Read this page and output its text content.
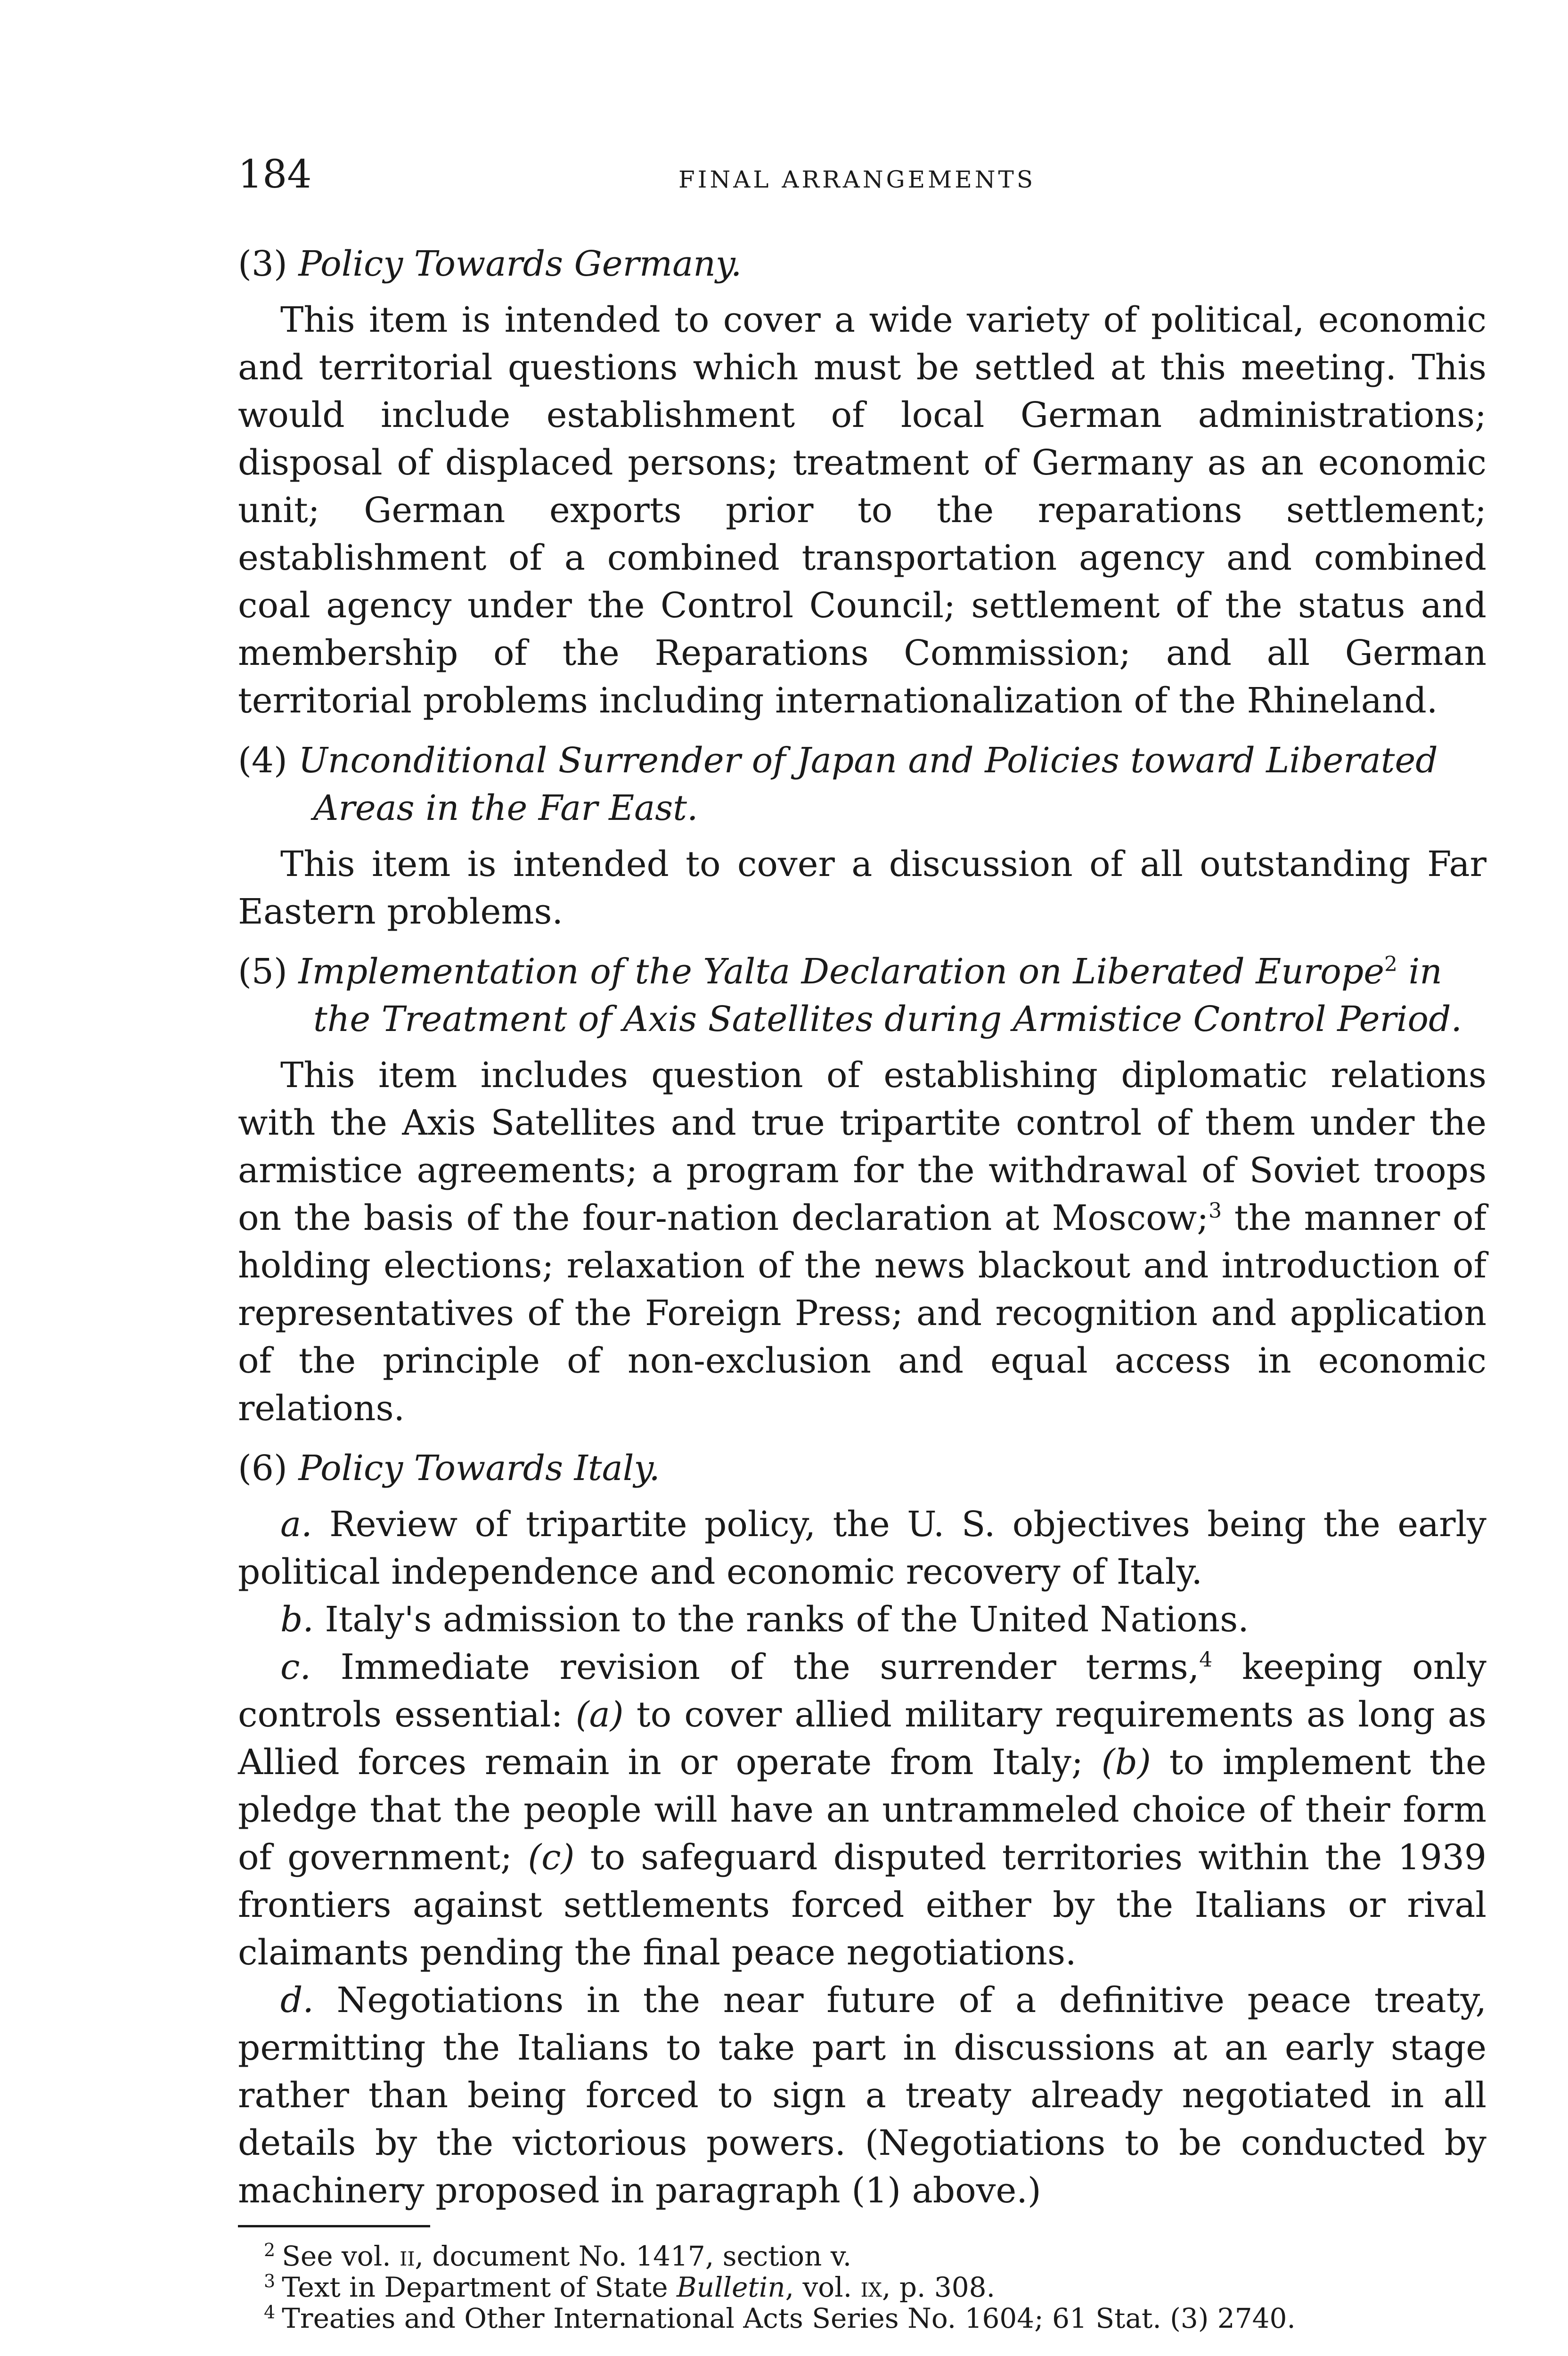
184	FINAL ARRANGEMENTS

(3) Policy Towards Germany.

This item is intended to cover a wide variety of political, economic and territorial questions which must be settled at this meeting. This would include establishment of local German administrations; disposal of displaced persons; treatment of Germany as an economic unit; German exports prior to the reparations settlement; establishment of a combined transportation agency and combined coal agency under the Control Council; settlement of the status and membership of the Reparations Commission; and all German territorial problems including internationalization of the Rhineland.

(4) Unconditional Surrender of Japan and Policies toward Liberated Areas in the Far East.

This item is intended to cover a discussion of all outstanding Far Eastern problems.

(5) Implementation of the Yalta Declaration on Liberated Europe$^2$ in the Treatment of Axis Satellites during Armistice Control Period.

This item includes question of establishing diplomatic relations with the Axis Satellites and true tripartite control of them under the armistice agreements; a program for the withdrawal of Soviet troops on the basis of the four-nation declaration at Moscow;$^3$ the manner of holding elections; relaxation of the news blackout and introduction of representatives of the Foreign Press; and recognition and application of the principle of non-exclusion and equal access in economic relations.

(6) Policy Towards Italy.

a. Review of tripartite policy, the U. S. objectives being the early political independence and economic recovery of Italy.

b. Italy's admission to the ranks of the United Nations.

c. Immediate revision of the surrender terms,$^4$ keeping only controls essential: (a) to cover allied military requirements as long as Allied forces remain in or operate from Italy; (b) to implement the pledge that the people will have an untrammeled choice of their form of government; (c) to safeguard disputed territories within the 1939 frontiers against settlements forced either by the Italians or rival claimants pending the final peace negotiations.

d. Negotiations in the near future of a definitive peace treaty, permitting the Italians to take part in discussions at an early stage rather than being forced to sign a treaty already negotiated in all details by the victorious powers. (Negotiations to be conducted by machinery proposed in paragraph (1) above.)

$^2$ See vol. ii, document No. 1417, section v.

$^3$ Text in Department of State Bulletin, vol. ix, p. 308.

$^4$ Treaties and Other International Acts Series No. 1604; 61 Stat. (3) 2740.
